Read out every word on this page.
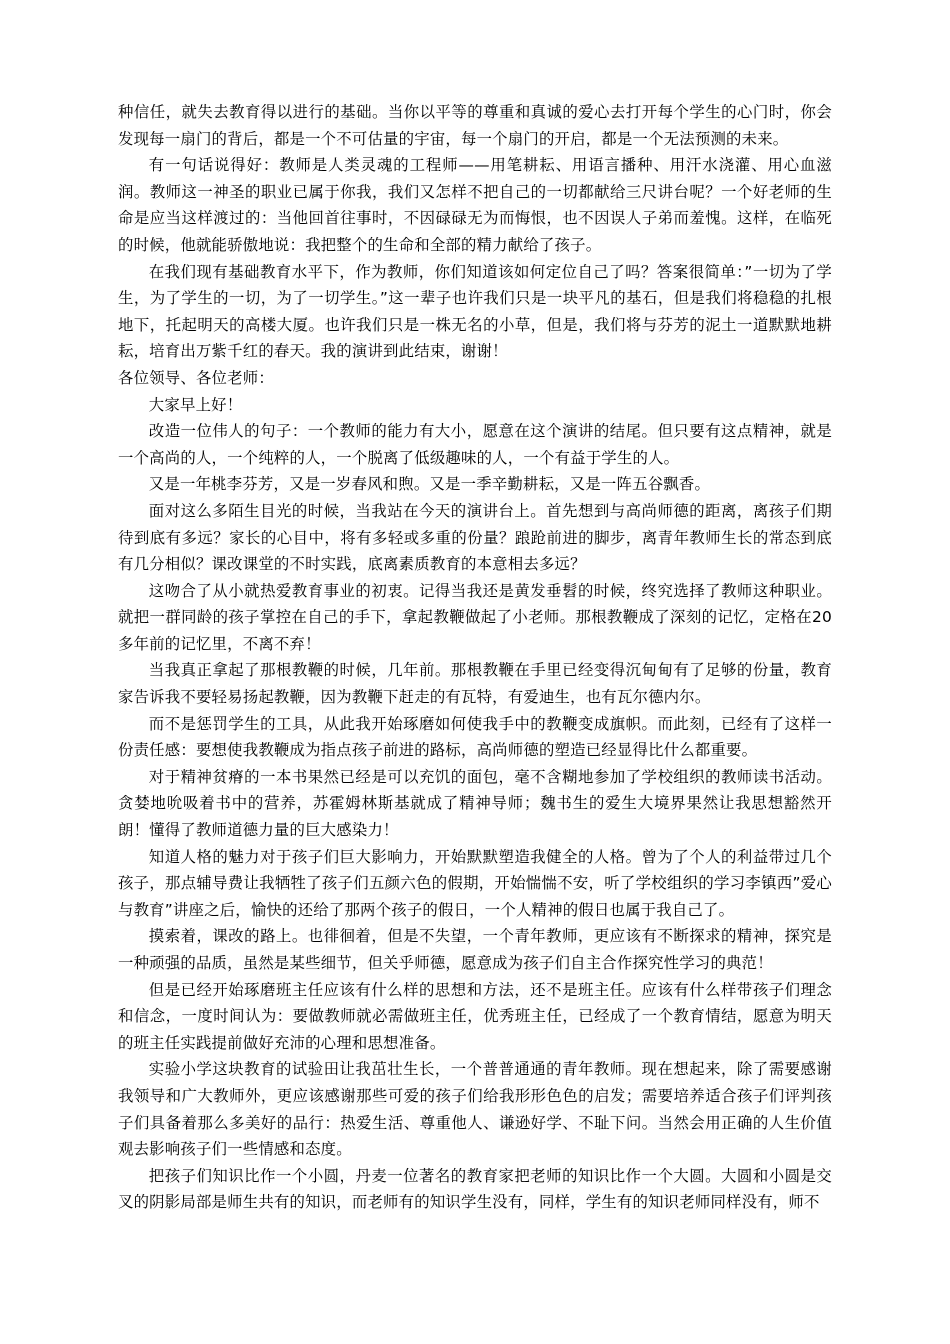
种信任，就失去教育得以进行的基础。当你以平等的尊重和真诚的爱心去打开每个学生的心门时，你会发现每一扇门的背后，都是一个不可估量的宇宙，每一个扇门的开启，都是一个无法预测的未来。

有一句话说得好：教师是人类灵魂的工程师——用笔耕耘、用语言播种、用汗水浇灌、用心血滋润。教师这一神圣的职业已属于你我，我们又怎样不把自己的一切都献给三尺讲台呢？一个好老师的生命是应当这样渡过的：当他回首往事时，不因碌碌无为而悔恨，也不因误人子弟而羞愧。这样，在临死的时候，他就能骄傲地说：我把整个的生命和全部的精力献给了孩子。

在我们现有基础教育水平下，作为教师，你们知道该如何定位自己了吗？答案很简单：”一切为了学生，为了学生的一切，为了一切学生。”这一辈子也许我们只是一块平凡的基石，但是我们将稳稳的扎根地下，托起明天的高楼大厦。也许我们只是一株无名的小草，但是，我们将与芬芳的泥土一道默默地耕耘，培育出万紫千红的春天。我的演讲到此结束，谢谢！

各位领导、各位老师：

大家早上好！

改造一位伟人的句子：一个教师的能力有大小，愿意在这个演讲的结尾。但只要有这点精神，就是一个高尚的人，一个纯粹的人，一个脱离了低级趣味的人，一个有益于学生的人。

又是一年桃李芬芳，又是一岁春风和煦。又是一季辛勤耕耘，又是一阵五谷飘香。

面对这么多陌生目光的时候，当我站在今天的演讲台上。首先想到与高尚师德的距离，离孩子们期待到底有多远？家长的心目中，将有多轻或多重的份量？踉跄前进的脚步，离青年教师生长的常态到底有几分相似？课改课堂的不时实践，底离素质教育的本意相去多远？

这吻合了从小就热爱教育事业的初衷。记得当我还是黄发垂髫的时候，终究选择了教师这种职业。就把一群同龄的孩子掌控在自己的手下，拿起教鞭做起了小老师。那根教鞭成了深刻的记忆，定格在20多年前的记忆里，不离不弃！

当我真正拿起了那根教鞭的时候，几年前。那根教鞭在手里已经变得沉甸甸有了足够的份量，教育家告诉我不要轻易扬起教鞭，因为教鞭下赶走的有瓦特，有爱迪生，也有瓦尔德内尔。

而不是惩罚学生的工具，从此我开始琢磨如何使我手中的教鞭变成旗帜。而此刻，已经有了这样一份责任感：要想使我教鞭成为指点孩子前进的路标，高尚师德的塑造已经显得比什么都重要。

对于精神贫瘠的一本书果然已经是可以充饥的面包，毫不含糊地参加了学校组织的教师读书活动。贪婪地吮吸着书中的营养，苏霍姆林斯基就成了精神导师；魏书生的爱生大境界果然让我思想豁然开朗！懂得了教师道德力量的巨大感染力！

知道人格的魅力对于孩子们巨大影响力，开始默默塑造我健全的人格。曾为了个人的利益带过几个孩子，那点辅导费让我牺牲了孩子们五颜六色的假期，开始惴惴不安，听了学校组织的学习李镇西”爱心与教育”讲座之后，愉快的还给了那两个孩子的假日，一个人精神的假日也属于我自己了。

摸索着，课改的路上。也徘徊着，但是不失望，一个青年教师，更应该有不断探求的精神，探究是一种顽强的品质，虽然是某些细节，但关乎师德，愿意成为孩子们自主合作探究性学习的典范！

但是已经开始琢磨班主任应该有什么样的思想和方法，还不是班主任。应该有什么样带孩子们理念和信念，一度时间认为：要做教师就必需做班主任，优秀班主任，已经成了一个教育情结，愿意为明天的班主任实践提前做好充沛的心理和思想准备。

实验小学这块教育的试验田让我茁壮生长，一个普普通通的青年教师。现在想起来，除了需要感谢我领导和广大教师外，更应该感谢那些可爱的孩子们给我形形色色的启发；需要培养适合孩子们评判孩子们具备着那么多美好的品行：热爱生活、尊重他人、谦逊好学、不耻下问。当然会用正确的人生价值观去影响孩子们一些情感和态度。

把孩子们知识比作一个小圆，丹麦一位著名的教育家把老师的知识比作一个大圆。大圆和小圆是交叉的阴影局部是师生共有的知识，而老师有的知识学生没有，同样，学生有的知识老师同样没有，师不
